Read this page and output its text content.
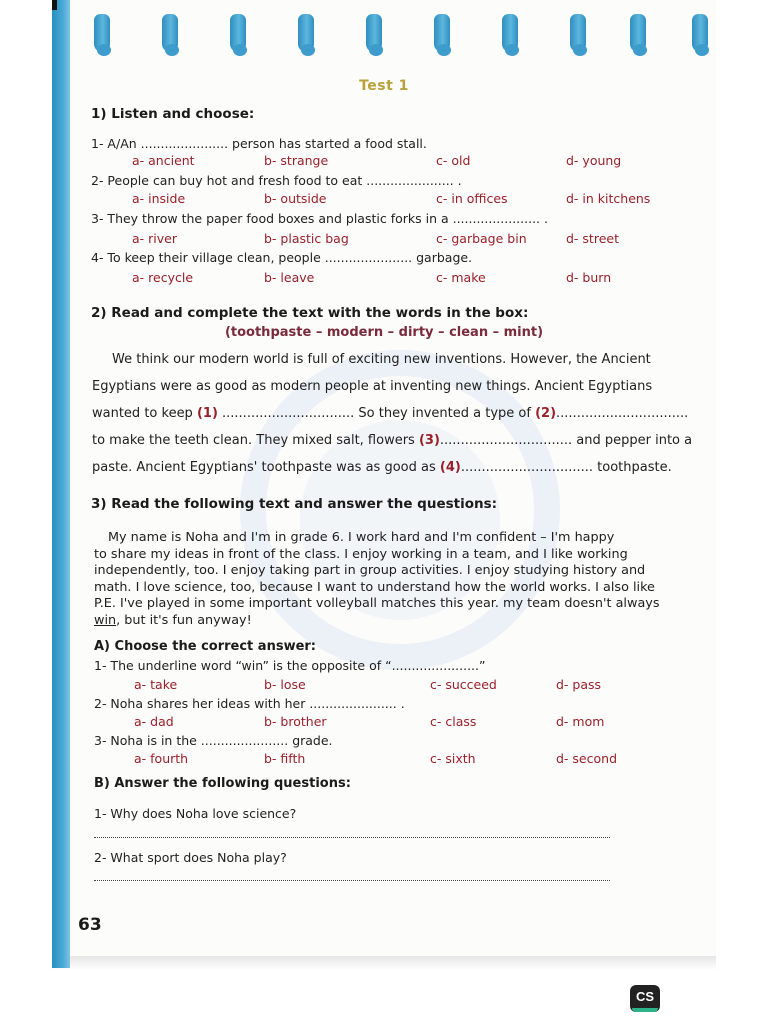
Test 1
1) Listen and choose:
1- A/An ...................... person has started a food stall.
a- ancient	b- strange	c- old	d- young
2- People can buy hot and fresh food to eat ...................... .
a- inside	b- outside	c- in offices	d- in kitchens
3- They throw the paper food boxes and plastic forks in a ...................... .
a- river	b- plastic bag	c- garbage bin	d- street
4- To keep their village clean, people ...................... garbage.
a- recycle	b- leave	c- make	d- burn
2) Read and complete the text with the words in the box:
(toothpaste – modern – dirty – clean – mint)
We think our modern world is full of exciting new inventions. However, the Ancient
Egyptians were as good as modern people at inventing new things. Ancient Egyptians
wanted to keep (1) ................................ So they invented a type of (2)................................
to make the teeth clean. They mixed salt, flowers (3)................................ and pepper into a
paste. Ancient Egyptians' toothpaste was as good as (4)................................ toothpaste.
3) Read the following text and answer the questions:
My name is Noha and I'm in grade 6. I work hard and I'm confident – I'm happy
to share my ideas in front of the class. I enjoy working in a team, and I like working
independently, too. I enjoy taking part in group activities. I enjoy studying history and
math. I love science, too, because I want to understand how the world works. I also like
P.E. I've played in some important volleyball matches this year. my team doesn't always
win, but it's fun anyway!
A) Choose the correct answer:
1- The underline word “win” is the opposite of “......................”
a- take	b- lose	c- succeed	d- pass
2- Noha shares her ideas with her ...................... .
a- dad	b- brother	c- class	d- mom
3- Noha is in the ...................... grade.
a- fourth	b- fifth	c- sixth	d- second
B) Answer the following questions:
1- Why does Noha love science?
2- What sport does Noha play?
63
CS
